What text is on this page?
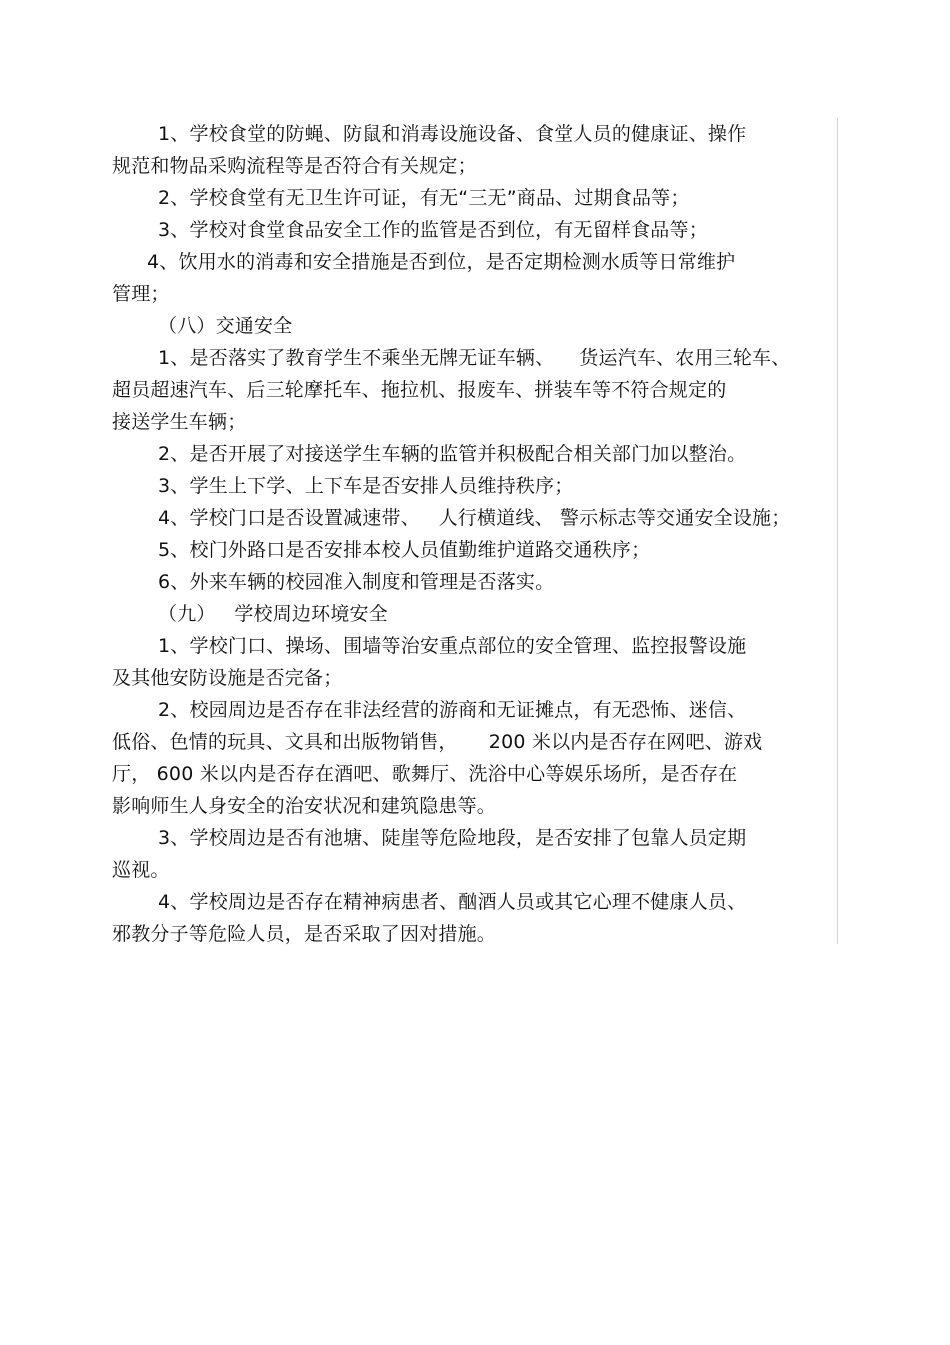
1、学校食堂的防蝇、防鼠和消毒设施设备、食堂人员的健康证、操作
规范和物品采购流程等是否符合有关规定；
2、学校食堂有无卫生许可证，有无“三无”商品、过期食品等；
3、学校对食堂食品安全工作的监管是否到位，有无留样食品等；
4、饮用水的消毒和安全措施是否到位，是否定期检测水质等日常维护
管理；
（八）交通安全
1、是否落实了教育学生不乘坐无牌无证车辆、    货运汽车、农用三轮车、
超员超速汽车、后三轮摩托车、拖拉机、报废车、拼装车等不符合规定的
接送学生车辆；
2、是否开展了对接送学生车辆的监管并积极配合相关部门加以整治。
3、学生上下学、上下车是否安排人员维持秩序；
4、学校门口是否设置减速带、   人行横道线、 警示标志等交通安全设施；
5、校门外路口是否安排本校人员值勤维护道路交通秩序；
6、外来车辆的校园准入制度和管理是否落实。
（九）   学校周边环境安全
1、学校门口、操场、围墙等治安重点部位的安全管理、监控报警设施
及其他安防设施是否完备；
2、校园周边是否存在非法经营的游商和无证摊点，有无恐怖、迷信、
低俗、色情的玩具、文具和出版物销售，     200 米以内是否存在网吧、游戏
厅， 600 米以内是否存在酒吧、歌舞厅、洗浴中心等娱乐场所，是否存在
影响师生人身安全的治安状况和建筑隐患等。
3、学校周边是否有池塘、陡崖等危险地段，是否安排了包靠人员定期
巡视。
4、学校周边是否存在精神病患者、酗酒人员或其它心理不健康人员、
邪教分子等危险人员，是否采取了因对措施。
